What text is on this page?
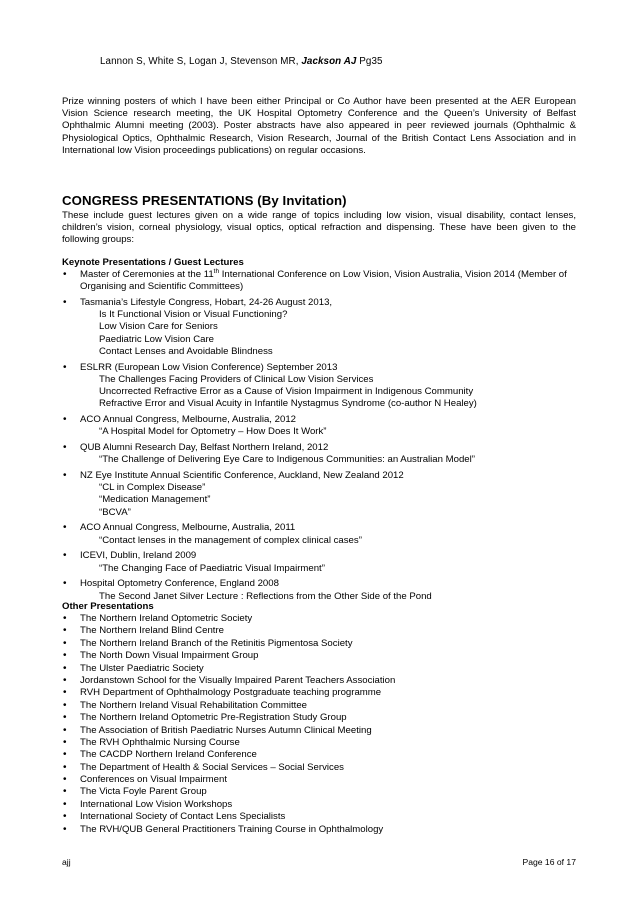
Lannon S, White S, Logan J, Stevenson MR, Jackson AJ Pg35
Prize winning posters of which I have been either Principal or Co Author have been presented at the AER European Vision Science research meeting, the UK Hospital Optometry Conference and the Queen’s University of Belfast Ophthalmic Alumni meeting (2003). Poster abstracts have also appeared in peer reviewed journals (Ophthalmic & Physiological Optics, Ophthalmic Research, Vision Research, Journal of the British Contact Lens Association and in International low Vision proceedings publications) on regular occasions.
CONGRESS PRESENTATIONS (By Invitation)
These include guest lectures given on a wide range of topics including low vision, visual disability, contact lenses, children’s vision, corneal physiology, visual optics, optical refraction and dispensing. These have been given to the following groups:
Keynote Presentations / Guest Lectures
• Master of Ceremonies at the 11th International Conference on Low Vision, Vision Australia, Vision 2014 (Member of Organising and Scientific Committees)
• Tasmania’s Lifestyle Congress, Hobart, 24-26 August 2013,
Is It Functional Vision or Visual Functioning?
Low Vision Care for Seniors
Paediatric Low Vision Care
Contact Lenses and Avoidable Blindness
• ESLRR (European Low Vision Conference) September 2013
The Challenges Facing Providers of Clinical Low Vision Services
Uncorrected Refractive Error as a Cause of Vision Impairment in Indigenous Community
Refractive Error and Visual Acuity in Infantile Nystagmus Syndrome (co-author N Healey)
• ACO Annual Congress, Melbourne, Australia, 2012
“A Hospital Model for Optometry – How Does It Work”
• QUB Alumni Research Day, Belfast Northern Ireland, 2012
“The Challenge of Delivering Eye Care to Indigenous Communities: an Australian Model”
• NZ Eye Institute Annual Scientific Conference, Auckland, New Zealand 2012
“CL in Complex Disease”
“Medication Management”
“BCVA”
• ACO Annual Congress, Melbourne, Australia, 2011
“Contact lenses in the management of complex clinical cases”
• ICEVI, Dublin, Ireland 2009
“The Changing Face of Paediatric Visual Impairment”
• Hospital Optometry Conference, England 2008
The Second Janet Silver Lecture : Reflections from the Other Side of the Pond
Other Presentations
• The Northern Ireland Optometric Society
• The Northern Ireland Blind Centre
• The Northern Ireland Branch of the Retinitis Pigmentosa Society
• The North Down Visual Impairment Group
• The Ulster Paediatric Society
• Jordanstown School for the Visually Impaired Parent Teachers Association
• RVH Department of Ophthalmology Postgraduate teaching programme
• The Northern Ireland Visual Rehabilitation Committee
• The Northern Ireland Optometric Pre-Registration Study Group
• The Association of British Paediatric Nurses Autumn Clinical Meeting
• The RVH Ophthalmic Nursing Course
• The CACDP Northern Ireland Conference
• The Department of Health & Social Services – Social Services
• Conferences on Visual Impairment
• The Victa Foyle Parent Group
• International Low Vision Workshops
• International Society of Contact Lens Specialists
• The RVH/QUB General Practitioners Training Course in Ophthalmology
ajj	Page 16 of 17
